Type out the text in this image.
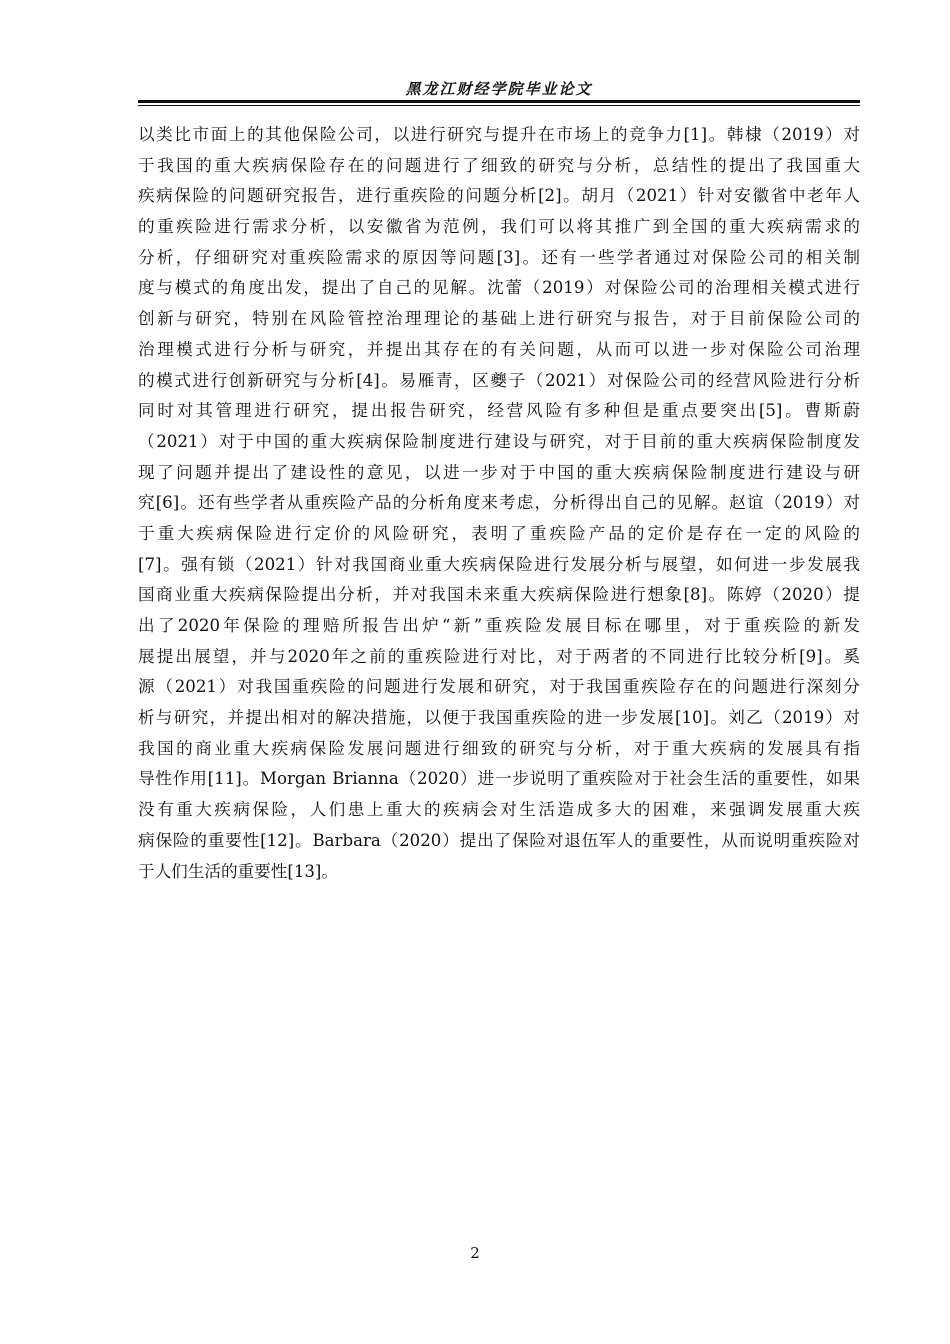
黑龙江财经学院毕业论文
以类比市面上的其他保险公司，以进行研究与提升在市场上的竞争力[1]。韩棣（2019）对
于我国的重大疾病保险存在的问题进行了细致的研究与分析，总结性的提出了我国重大
疾病保险的问题研究报告，进行重疾险的问题分析[2]。胡月（2021）针对安徽省中老年人
的重疾险进行需求分析，以安徽省为范例，我们可以将其推广到全国的重大疾病需求的
分析，仔细研究对重疾险需求的原因等问题[3]。还有一些学者通过对保险公司的相关制
度与模式的角度出发，提出了自己的见解。沈蕾（2019）对保险公司的治理相关模式进行
创新与研究，特别在风险管控治理理论的基础上进行研究与报告，对于目前保险公司的
治理模式进行分析与研究，并提出其存在的有关问题，从而可以进一步对保险公司治理
的模式进行创新研究与分析[4]。易雁青，区夔子（2021）对保险公司的经营风险进行分析
同时对其管理进行研究，提出报告研究，经营风险有多种但是重点要突出[5]。曹斯蔚
（2021）对于中国的重大疾病保险制度进行建设与研究，对于目前的重大疾病保险制度发
现了问题并提出了建设性的意见，以进一步对于中国的重大疾病保险制度进行建设与研
究[6]。还有些学者从重疾险产品的分析角度来考虑，分析得出自己的见解。赵谊（2019）对
于重大疾病保险进行定价的风险研究，表明了重疾险产品的定价是存在一定的风险的
[7]。强有锁（2021）针对我国商业重大疾病保险进行发展分析与展望，如何进一步发展我
国商业重大疾病保险提出分析，并对我国未来重大疾病保险进行想象[8]。陈婷（2020）提
出了2020年保险的理赔所报告出炉“新”重疾险发展目标在哪里，对于重疾险的新发
展提出展望，并与2020年之前的重疾险进行对比，对于两者的不同进行比较分析[9]。奚
源（2021）对我国重疾险的问题进行发展和研究，对于我国重疾险存在的问题进行深刻分
析与研究，并提出相对的解决措施，以便于我国重疾险的进一步发展[10]。刘乙（2019）对
我国的商业重大疾病保险发展问题进行细致的研究与分析，对于重大疾病的发展具有指
导性作用[11]。Morgan Brianna（2020）进一步说明了重疾险对于社会生活的重要性，如果
没有重大疾病保险，人们患上重大的疾病会对生活造成多大的困难，来强调发展重大疾
病保险的重要性[12]。Barbara（2020）提出了保险对退伍军人的重要性，从而说明重疾险对
于人们生活的重要性[13]。
2
